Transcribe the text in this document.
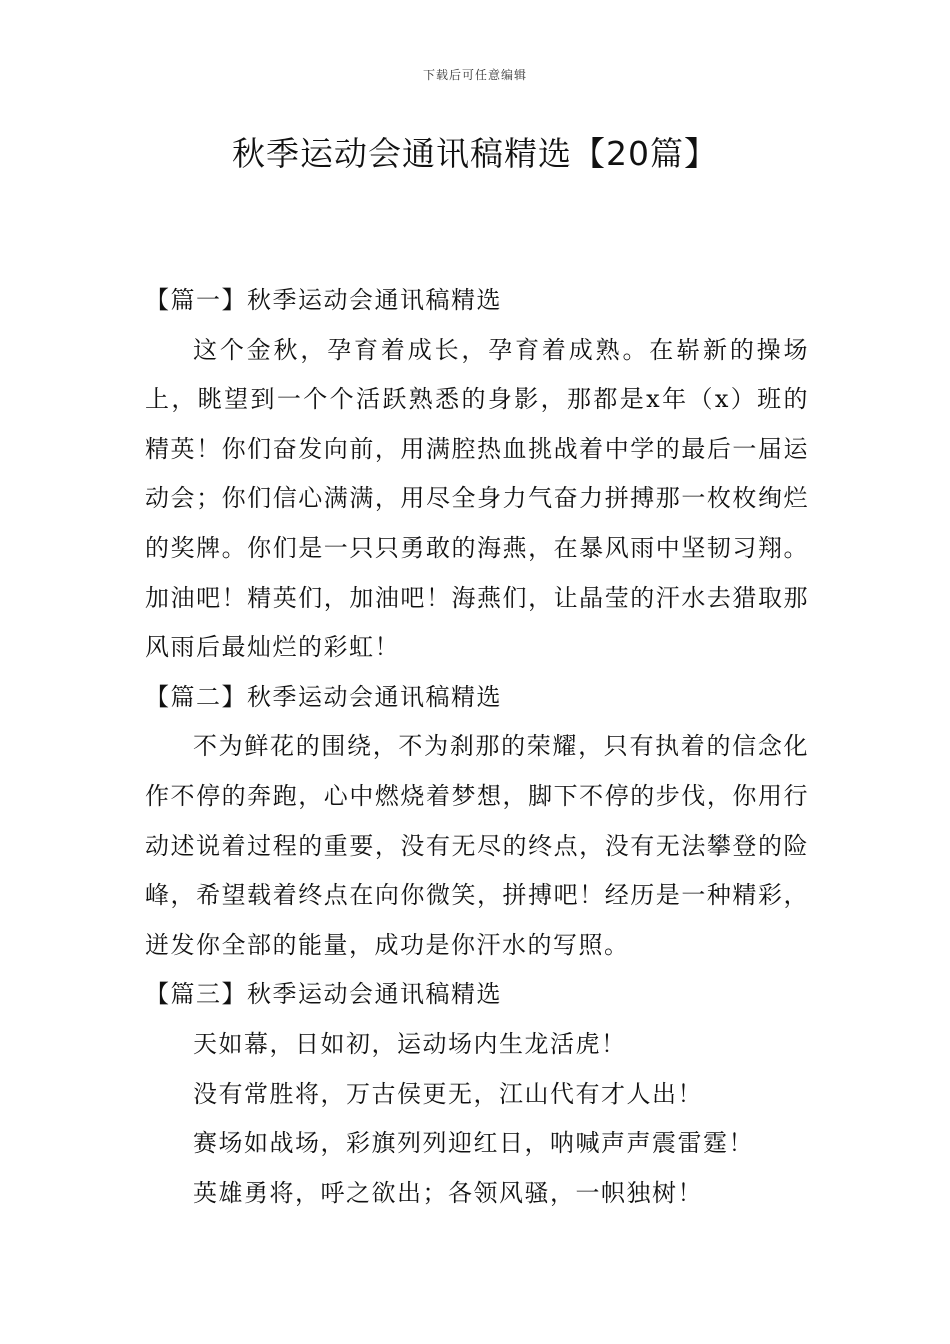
下载后可任意编辑
秋季运动会通讯稿精选【20篇】
【篇一】秋季运动会通讯稿精选

这个金秋，孕育着成长，孕育着成熟。在崭新的操场上，眺望到一个个活跃熟悉的身影，那都是x年（x）班的精英！你们奋发向前，用满腔热血挑战着中学的最后一届运动会；你们信心满满，用尽全身力气奋力拼搏那一枚枚绚烂的奖牌。你们是一只只勇敢的海燕，在暴风雨中坚韧习翔。加油吧！精英们，加油吧！海燕们，让晶莹的汗水去猎取那风雨后最灿烂的彩虹！

【篇二】秋季运动会通讯稿精选

不为鲜花的围绕，不为刹那的荣耀，只有执着的信念化作不停的奔跑，心中燃烧着梦想，脚下不停的步伐，你用行动述说着过程的重要，没有无尽的终点，没有无法攀登的险峰，希望载着终点在向你微笑，拼搏吧！经历是一种精彩，迸发你全部的能量，成功是你汗水的写照。

【篇三】秋季运动会通讯稿精选

天如幕，日如初，运动场内生龙活虎！

没有常胜将，万古侯更无，江山代有才人出！

赛场如战场，彩旗列列迎红日，呐喊声声震雷霆！

英雄勇将，呼之欲出；各领风骚，一帜独树！
